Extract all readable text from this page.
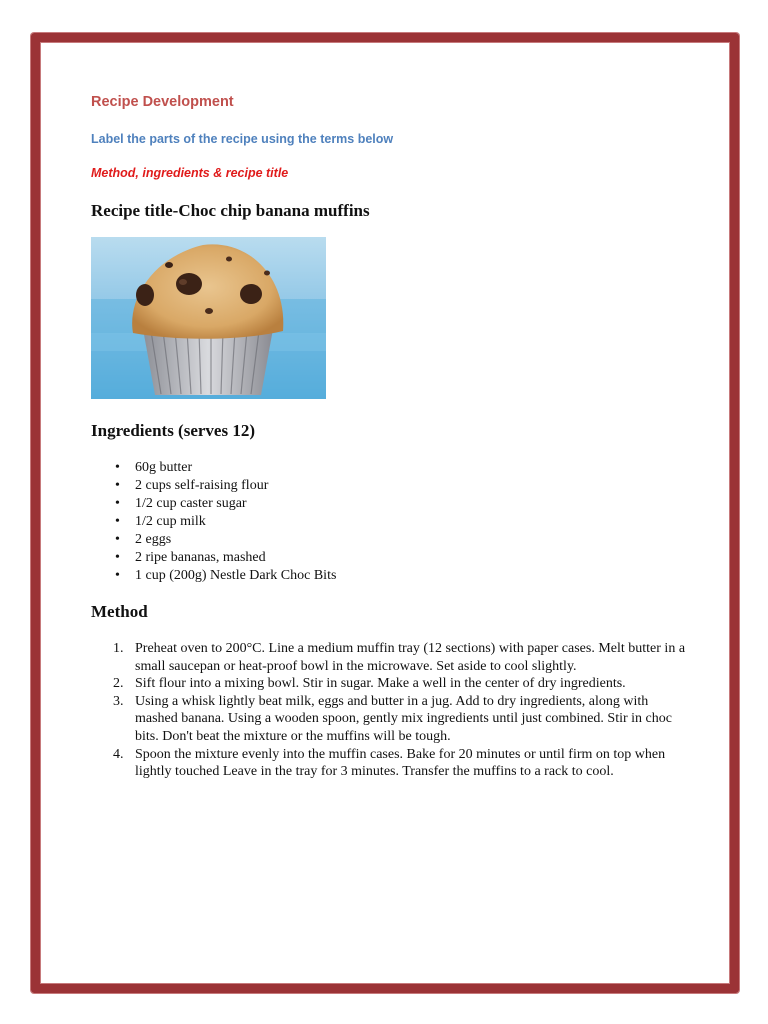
Recipe Development

Label the parts of the recipe using the terms below

Method, ingredients & recipe title

Recipe title-Choc chip banana muffins
Ingredients (serves 12)
• 60g butter
• 2 cups self-raising flour
• 1/2 cup caster sugar
• 1/2 cup milk
• 2 eggs
• 2 ripe bananas, mashed
• 1 cup (200g) Nestle Dark Choc Bits
Method
1. Preheat oven to 200°C. Line a medium muffin tray (12 sections) with paper cases. Melt butter in a small saucepan or heat-proof bowl in the microwave. Set aside to cool slightly.
2. Sift flour into a mixing bowl. Stir in sugar. Make a well in the center of dry ingredients.
3. Using a whisk lightly beat milk, eggs and butter in a jug. Add to dry ingredients, along with mashed banana. Using a wooden spoon, gently mix ingredients until just combined. Stir in choc bits. Don't beat the mixture or the muffins will be tough.
4. Spoon the mixture evenly into the muffin cases. Bake for 20 minutes or until firm on top when lightly touched Leave in the tray for 3 minutes. Transfer the muffins to a rack to cool.
